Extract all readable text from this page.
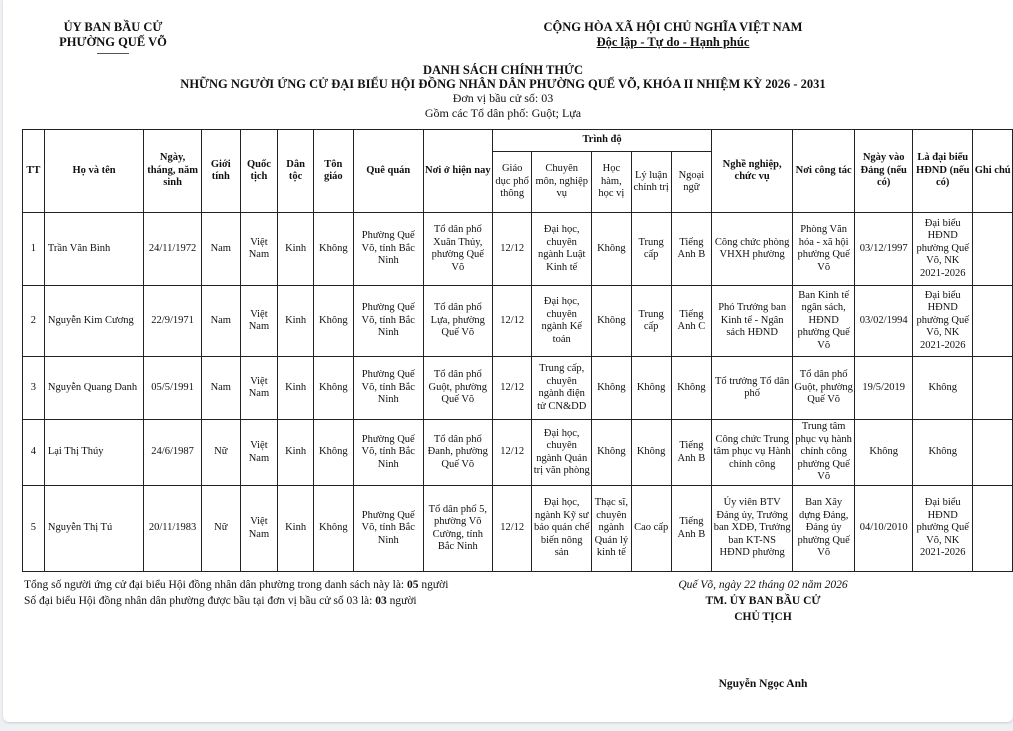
ỦY BAN BẦU CỬ
PHƯỜNG QUẾ VÕ
CỘNG HÒA XÃ HỘI CHỦ NGHĨA VIỆT NAM
Độc lập - Tự do - Hạnh phúc
DANH SÁCH CHÍNH THỨC
NHỮNG NGƯỜI ỨNG CỬ ĐẠI BIỂU HỘI ĐỒNG NHÂN DÂN PHƯỜNG QUẾ VÕ, KHÓA II NHIỆM KỲ 2026 - 2031
Đơn vị bầu cử số: 03
Gồm các Tổ dân phố: Guột; Lựa
TT	Họ và tên	Ngày, tháng, năm sinh	Giới tính	Quốc tịch	Dân tộc	Tôn giáo	Quê quán	Nơi ở hiện nay	Trình độ					Nghề nghiệp, chức vụ	Nơi công tác	Ngày vào Đảng (nếu có)	Là đại biểu HĐND (nếu có)	Ghi chú
									Giáo dục phổ thông	Chuyên môn, nghiệp vụ	Học hàm, học vị	Lý luận chính trị	Ngoại ngữ					
1	Trần Văn Bình	24/11/1972	Nam	Việt Nam	Kinh	Không	Phường Quế Võ, tỉnh Bắc Ninh	Tổ dân phố Xuân Thủy, phường Quế Võ	12/12	Đại học, chuyên ngành Luật Kinh tế	Không	Trung cấp	Tiếng Anh B	Công chức phòng VHXH phường	Phòng Văn hóa - xã hội phường Quế Võ	03/12/1997	Đại biểu HĐND phường Quế Võ, NK 2021-2026	
2	Nguyễn Kim Cương	22/9/1971	Nam	Việt Nam	Kinh	Không	Phường Quế Võ, tỉnh Bắc Ninh	Tổ dân phố Lựa, phường Quế Võ	12/12	Đại học, chuyên ngành Kế toán	Không	Trung cấp	Tiếng Anh C	Phó Trưởng ban Kinh tế - Ngân sách HĐND	Ban Kinh tế ngân sách, HĐND phường Quế Võ	03/02/1994	Đại biểu HĐND phường Quế Võ, NK 2021-2026	
3	Nguyễn Quang Danh	05/5/1991	Nam	Việt Nam	Kinh	Không	Phường Quế Võ, tỉnh Bắc Ninh	Tổ dân phố Guột, phường Quế Võ	12/12	Trung cấp, chuyên ngành điện tử CN&DD	Không	Không	Không	Tổ trưởng Tổ dân phố	Tổ dân phố Guột, phường Quế Võ	19/5/2019	Không	
4	Lại Thị Thúy	24/6/1987	Nữ	Việt Nam	Kinh	Không	Phường Quế Võ, tỉnh Bắc Ninh	Tổ dân phố Đanh, phường Quế Võ	12/12	Đại học, chuyên ngành Quản trị văn phòng	Không	Không	Tiếng Anh B	Công chức Trung tâm phục vụ Hành chính công	Trung tâm phục vụ hành chính công phường Quế Võ	Không	Không	
5	Nguyễn Thị Tú	20/11/1983	Nữ	Việt Nam	Kinh	Không	Phường Quế Võ, tỉnh Bắc Ninh	Tổ dân phố 5, phường Võ Cường, tỉnh Bắc Ninh	12/12	Đại học, ngành Kỹ sư bảo quản chế biến nông sản	Thạc sĩ, chuyên ngành Quản lý kinh tế	Cao cấp	Tiếng Anh B	Ủy viên BTV Đảng ủy, Trưởng ban XDĐ, Trưởng ban KT-NS HĐND phường	Ban Xây dựng Đảng, Đảng ủy phường Quế Võ	04/10/2010	Đại biểu HĐND phường Quế Võ, NK 2021-2026	
Tổng số người ứng cử đại biểu Hội đồng nhân dân phường trong danh sách này là: 05 người
Số đại biểu Hội đồng nhân dân phường được bầu tại đơn vị bầu cử số 03 là: 03 người
Quế Võ, ngày 22 tháng 02 năm 2026
TM. ỦY BAN BẦU CỬ
CHỦ TỊCH
Nguyễn Ngọc Anh
